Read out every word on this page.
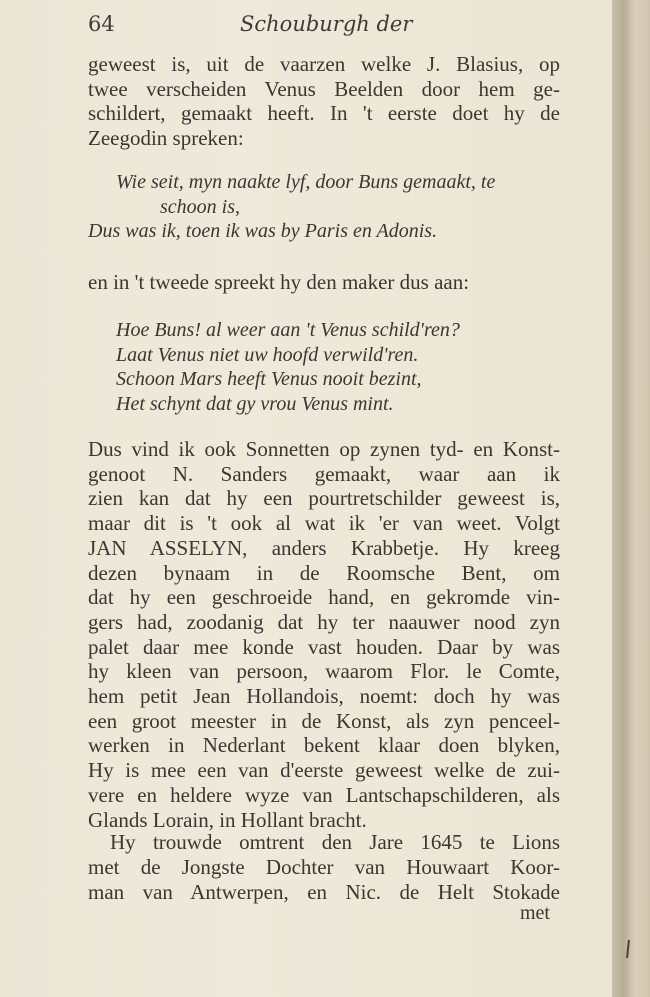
64	Schouburgh der
geweest is, uit de vaarzen welke J. Blasius, op
twee verscheiden Venus Beelden door hem ge-
schildert, gemaakt heeft. In 't eerste doet hy de
Zeegodin spreken:
Wie seit, myn naakte lyf, door Buns gemaakt, te
schoon is,
Dus was ik, toen ik was by Paris en Adonis.
en in 't tweede spreekt hy den maker dus aan:
Hoe Buns! al weer aan 't Venus schild'ren?
Laat Venus niet uw hoofd verwild'ren.
Schoon Mars heeft Venus nooit bezint,
Het schynt dat gy vrou Venus mint.
Dus vind ik ook Sonnetten op zynen tyd- en Konst-
genoot N. Sanders gemaakt, waar aan ik
zien kan dat hy een pourtretschilder geweest is,
maar dit is 't ook al wat ik 'er van weet. Volgt
JAN ASSELYN, anders Krabbetje. Hy kreeg
dezen bynaam in de Roomsche Bent, om
dat hy een geschroeide hand, en gekromde vin-
gers had, zoodanig dat hy ter naauwer nood zyn
palet daar mee konde vast houden. Daar by was
hy kleen van persoon, waarom Flor. le Comte,
hem petit Jean Hollandois, noemt: doch hy was
een groot meester in de Konst, als zyn penceel-
werken in Nederlant bekent klaar doen blyken,
Hy is mee een van d'eerste geweest welke de zui-
vere en heldere wyze van Lantschapschilderen, als
Glands Lorain, in Hollant bracht.
Hy trouwde omtrent den Jare 1645 te Lions
met de Jongste Dochter van Houwaart Koor-
man van Antwerpen, en Nic. de Helt Stokade
met
